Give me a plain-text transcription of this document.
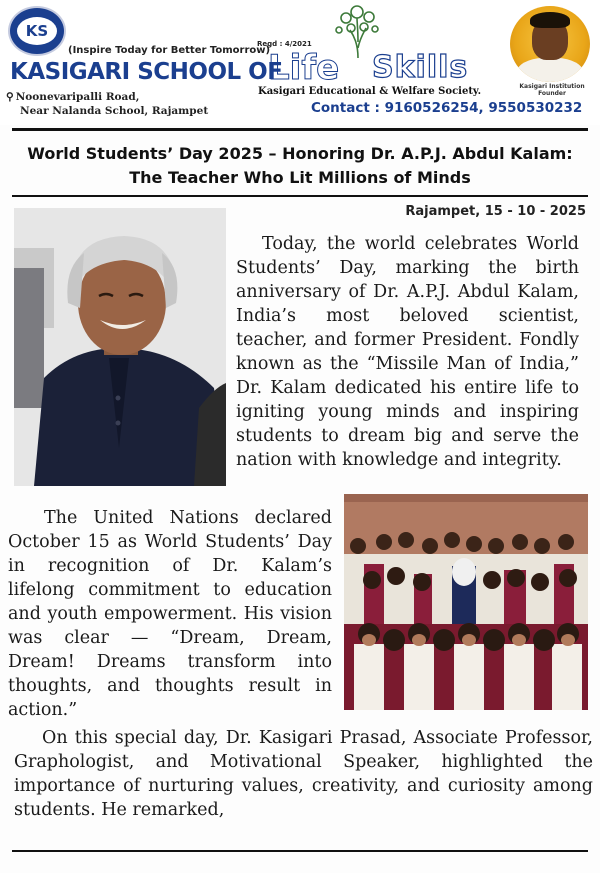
KS
(Inspire Today for Better Tomorrow)
Regd : 4/2021
KASIGARI SCHOOL OF
Life Skills
Kasigari Educational & Welfare Society.
⚲ Noonevaripalli Road,
Near Nalanda School, Rajampet	Contact : 9160526254, 9550530232
Kasigari Institution Founder
World Students’ Day 2025 – Honoring Dr. A.P.J. Abdul Kalam:
The Teacher Who Lit Millions of Minds
Rajampet, 15 - 10 - 2025
Today, the world celebrates World Students’ Day, marking the birth anniversary of Dr. A.P.J. Abdul Kalam, India’s most beloved scientist, teacher, and former President. Fondly known as the “Missile Man of India,” Dr. Kalam dedicated his entire life to igniting young minds and inspiring students to dream big and serve the nation with knowledge and integrity.
The United Nations declared October 15 as World Students’ Day in recognition of Dr. Kalam’s lifelong commitment to education and youth empowerment. His vision was clear — “Dream, Dream, Dream! Dreams transform into thoughts, and thoughts result in action.”
On this special day, Dr. Kasigari Prasad, Associate Professor, Graphologist, and Motivational Speaker, highlighted the importance of nurturing values, creativity, and curiosity among students. He remarked,
